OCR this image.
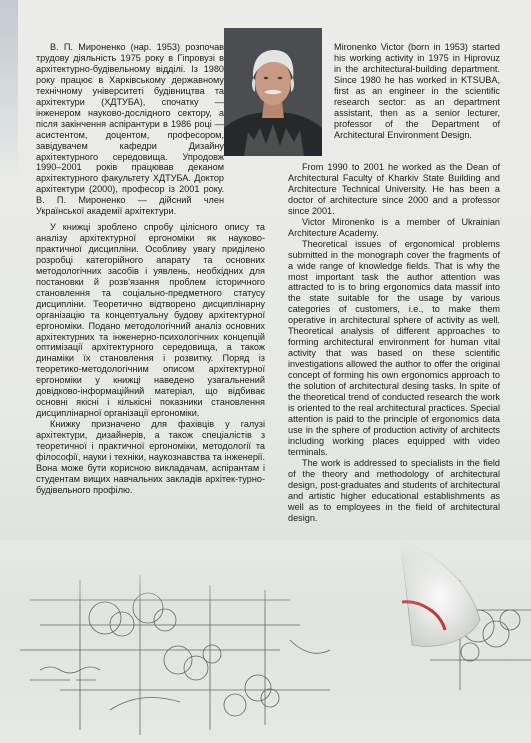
В. П. Мироненко (нар. 1953) розпочав трудову діяльність 1975 року в Гіпровузі в архітектурно-будівельному відділі. Із 1980 року працює в Харківському державному технічному університеті будівництва та архітектури (ХДТУБА), спочатку — інженером науково-дослідного сектору, а після закінчення аспірантури в 1986 році — асистентом, доцентом, професором, завідувачем кафедри Дизайну архітектурного середовища. Упродовж 1990–2001 років працював деканом архітектурного факультету ХДТУБА. Доктор архітектури (2000), професор із 2001 року. В. П. Мироненко — дійсний член Української академії архітектури.

У книжці зроблено спробу цілісного опису та аналізу архітектурної ергономіки як науково-практичної дисципліни. Особливу увагу приділено розробці категорійного апарату та основних методологічних засобів і уявлень, необхідних для постановки й розв'язання проблем історичного становлення та соціально-предметного статусу дисципліни. Теоретично відтворено дисциплінарну організацію та концептуальну будову архітектурної ергономіки. Подано методологічний аналіз основних архітектурних та інженерно-психологічних концепцій оптимізації архітектурного середовища, а також динаміки їх становлення і розвитку. Поряд із теоретико-методологічним описом архітектурної ергономіки у книжці наведено узагальнений довідково-інформаційний матеріал, що відбиває основні якісні і кількісні показники становлення дисциплінарної організації ергономіки.

Книжку призначено для фахівців у галузі архітектури, дизайнерів, а також спеціалістів з теоретичної і практичної ергономіки, методології та філософії, науки і техніки, наукознавства та інженерії. Вона може бути корисною викладачам, аспірантам і студентам вищих навчальних закладів архітек-турно-будівельного профілю.

Mironenko Victor (born in 1953) started his working activity in 1975 in Hiprovuz in the architectural-building department. Since 1980 he has worked in KTSUBA, first as an engineer in the scientific research sector: as an department assistant, then as a senior lecturer, professor of the Department of Architectural Environment Design.

From 1990 to 2001 he worked as the Dean of Architectural Faculty of Kharkiv State Building and Architecture Technical University. He has been a doctor of architecture since 2000 and a professor since 2001.

Victor Mironenko is a member of Ukrainian Architecture Academy.

Theoretical issues of ergonomical problems submitted in the monograph cover the fragments of a wide range of knowledge fields. That is why the most important task the author attention was attracted to is to bring ergonomics data massif into the state suitable for the usage by various categories of customers, i.e., to make them operative in architectural sphere of activity as well. Theoretical analysis of different approaches to forming architectural environment for human vital activity that was based on these scientific investigations allowed the author to offer the original concept of forming his own ergonomics approach to the solution of architectural desing tasks. In spite of the theoretical trend of conducted research the work is oriented to the real architectural practices. Special attention is paid to the principle of ergonomics data use in the sphere of production activity of architects including working places equipped with video terminals.

The work is addressed to specialists in the field of the theory and methodology of architectural design, post-graduates and students of architectural and artistic higher educational establishments as well as to employees in the field of architectural design.
